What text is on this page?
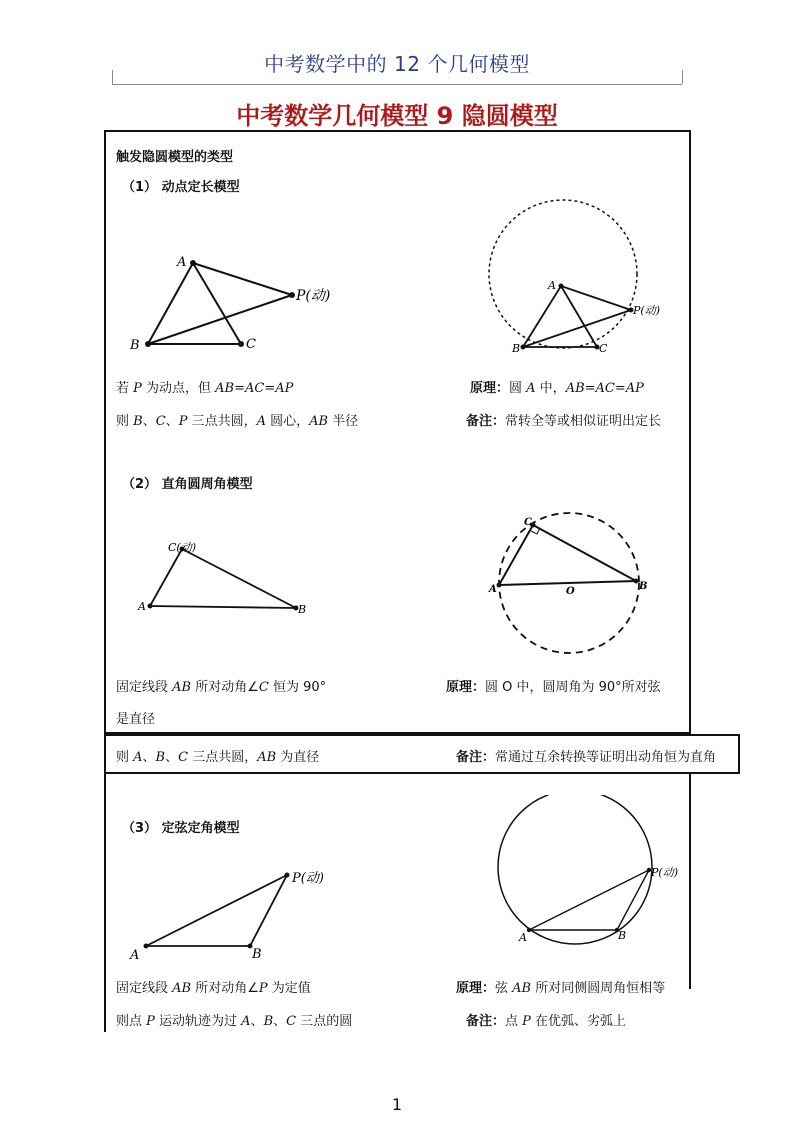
中考数学中的 12 个几何模型
中考数学几何模型 9 隐圆模型
触发隐圆模型的类型
（1） 动点定长模型
A
B	C
P(动)
A
B	C
P(动)
若 P 为动点，但 AB=AC=AP	原理：圆 A 中，AB=AC=AP
则 B、C、P 三点共圆，A 圆心，AB 半径	备注：常转全等或相似证明出定长
（2） 直角圆周角模型
C(动)
A	B
C
A	B
O
固定线段 AB 所对动角∠C 恒为 90°	原理：圆 O 中，圆周角为 90°所对弦
是直径
则 A、B、C 三点共圆，AB 为直径	备注：常通过互余转换等证明出动角恒为直角
（3） 定弦定角模型
A	B
P(动)
A	B
P(动)
固定线段 AB 所对动角∠P 为定值	原理：弦 AB 所对同侧圆周角恒相等
则点 P 运动轨迹为过 A、B、C 三点的圆	备注：点 P 在优弧、劣弧上
1
